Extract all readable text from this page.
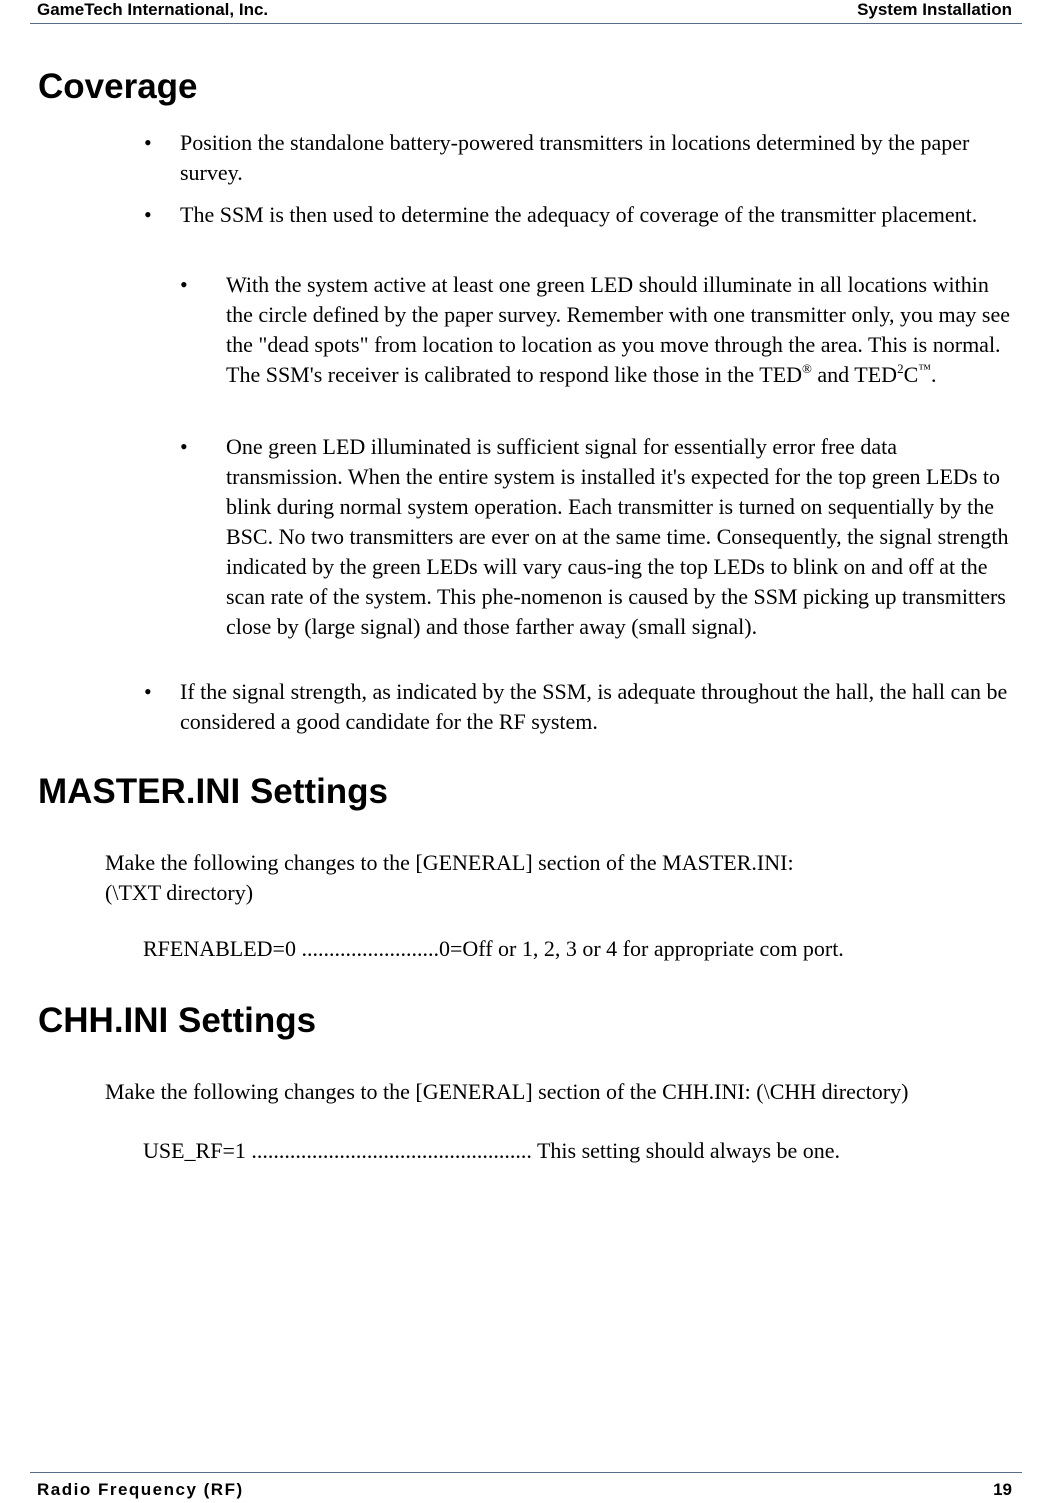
GameTech International, Inc.	System Installation
Coverage
• Position the standalone battery-powered transmitters in locations determined by the paper survey.
• The SSM is then used to determine the adequacy of coverage of the transmitter placement.
• With the system active at least one green LED should illuminate in all locations within the circle defined by the paper survey. Remember with one transmitter only, you may see the "dead spots" from location to location as you move through the area. This is normal. The SSM's receiver is calibrated to respond like those in the TED® and TED$^2$C™.
• One green LED illuminated is sufficient signal for essentially error free data transmission. When the entire system is installed it's expected for the top green LEDs to blink during normal system operation. Each transmitter is turned on sequentially by the BSC. No two transmitters are ever on at the same time. Consequently, the signal strength indicated by the green LEDs will vary caus-ing the top LEDs to blink on and off at the scan rate of the system. This phe-nomenon is caused by the SSM picking up transmitters close by (large signal) and those farther away (small signal).
• If the signal strength, as indicated by the SSM, is adequate throughout the hall, the hall can be considered a good candidate for the RF system.
MASTER.INI Settings
Make the following changes to the [GENERAL] section of the MASTER.INI:
(\TXT directory)
RFENABLED=0 .........................0=Off or 1, 2, 3 or 4 for appropriate com port.
CHH.INI Settings
Make the following changes to the [GENERAL] section of the CHH.INI: (\CHH directory)
USE_RF=1 ................................................... This setting should always be one.
Radio Frequency (RF)	19
